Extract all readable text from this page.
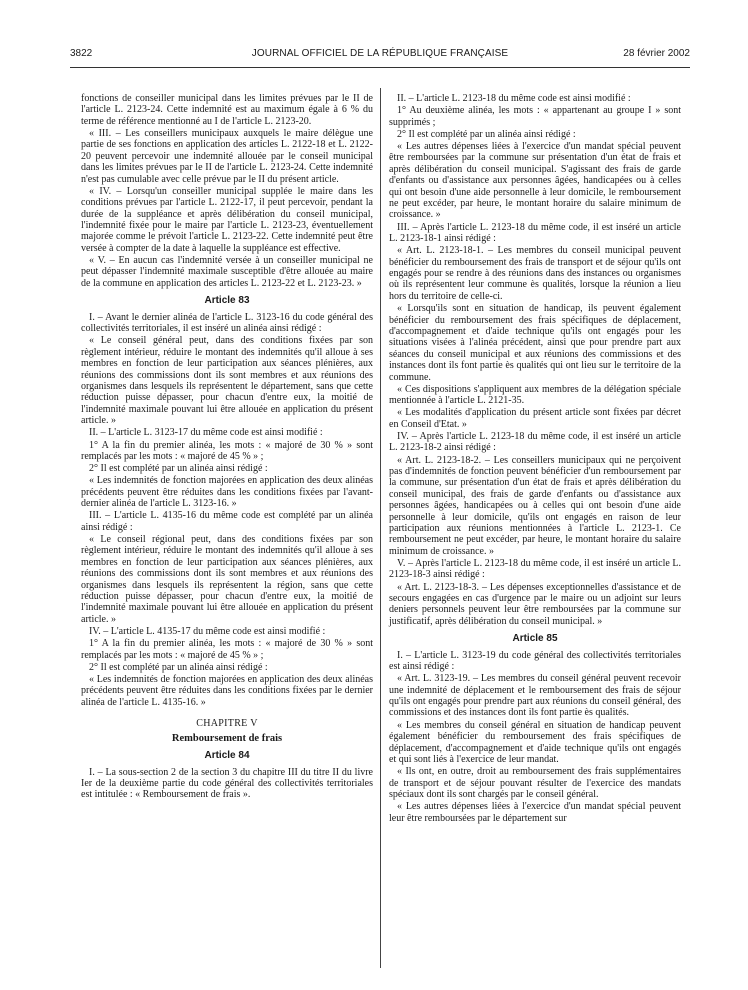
3822	JOURNAL OFFICIEL DE LA RÉPUBLIQUE FRANÇAISE	28 février 2002

fonctions de conseiller municipal dans les limites prévues par le II de l'article L. 2123-24. Cette indemnité est au maximum égale à 6 % du terme de référence mentionné au I de l'article L. 2123-20.

« III. – Les conseillers municipaux auxquels le maire délègue une partie de ses fonctions en application des articles L. 2122-18 et L. 2122-20 peuvent percevoir une indemnité allouée par le conseil municipal dans les limites prévues par le II de l'article L. 2123-24. Cette indemnité n'est pas cumulable avec celle prévue par le II du présent article.

« IV. – Lorsqu'un conseiller municipal supplée le maire dans les conditions prévues par l'article L. 2122-17, il peut percevoir, pendant la durée de la suppléance et après délibération du conseil municipal, l'indemnité fixée pour le maire par l'article L. 2123-23, éventuellement majorée comme le prévoit l'article L. 2123-22. Cette indemnité peut être versée à compter de la date à laquelle la suppléance est effective.

« V. – En aucun cas l'indemnité versée à un conseiller municipal ne peut dépasser l'indemnité maximale susceptible d'être allouée au maire de la commune en application des articles L. 2123-22 et L. 2123-23. »

Article 83

I. – Avant le dernier alinéa de l'article L. 3123-16 du code général des collectivités territoriales, il est inséré un alinéa ainsi rédigé :

« Le conseil général peut, dans des conditions fixées par son règlement intérieur, réduire le montant des indemnités qu'il alloue à ses membres en fonction de leur participation aux séances plénières, aux réunions des commissions dont ils sont membres et aux réunions des organismes dans lesquels ils représentent le département, sans que cette réduction puisse dépasser, pour chacun d'entre eux, la moitié de l'indemnité maximale pouvant lui être allouée en application du présent article. »

II. – L'article L. 3123-17 du même code est ainsi modifié :

1° A la fin du premier alinéa, les mots : « majoré de 30 % » sont remplacés par les mots : « majoré de 45 % » ;

2° Il est complété par un alinéa ainsi rédigé :

« Les indemnités de fonction majorées en application des deux alinéas précédents peuvent être réduites dans les conditions fixées par l'avant-dernier alinéa de l'article L. 3123-16. »

III. – L'article L. 4135-16 du même code est complété par un alinéa ainsi rédigé :

« Le conseil régional peut, dans des conditions fixées par son règlement intérieur, réduire le montant des indemnités qu'il alloue à ses membres en fonction de leur participation aux séances plénières, aux réunions des commissions dont ils sont membres et aux réunions des organismes dans lesquels ils représentent la région, sans que cette réduction puisse dépasser, pour chacun d'entre eux, la moitié de l'indemnité maximale pouvant lui être allouée en application du présent article. »

IV. – L'article L. 4135-17 du même code est ainsi modifié :

1° A la fin du premier alinéa, les mots : « majoré de 30 % » sont remplacés par les mots : « majoré de 45 % » ;

2° Il est complété par un alinéa ainsi rédigé :

« Les indemnités de fonction majorées en application des deux alinéas précédents peuvent être réduites dans les conditions fixées par le dernier alinéa de l'article L. 4135-16. »

CHAPITRE V
Remboursement de frais
Article 84

I. – La sous-section 2 de la section 3 du chapitre III du titre II du livre Ier de la deuxième partie du code général des collectivités territoriales est intitulée : « Remboursement de frais ».

II. – L'article L. 2123-18 du même code est ainsi modifié :

1° Au deuxième alinéa, les mots : « appartenant au groupe I » sont supprimés ;

2° Il est complété par un alinéa ainsi rédigé :

« Les autres dépenses liées à l'exercice d'un mandat spécial peuvent être remboursées par la commune sur présentation d'un état de frais et après délibération du conseil municipal. S'agissant des frais de garde d'enfants ou d'assistance aux personnes âgées, handicapées ou à celles qui ont besoin d'une aide personnelle à leur domicile, le remboursement ne peut excéder, par heure, le montant horaire du salaire minimum de croissance. »

III. – Après l'article L. 2123-18 du même code, il est inséré un article L. 2123-18-1 ainsi rédigé :

« Art. L. 2123-18-1. – Les membres du conseil municipal peuvent bénéficier du remboursement des frais de transport et de séjour qu'ils ont engagés pour se rendre à des réunions dans des instances ou organismes où ils représentent leur commune ès qualités, lorsque la réunion a lieu hors du territoire de celle-ci.

« Lorsqu'ils sont en situation de handicap, ils peuvent également bénéficier du remboursement des frais spécifiques de déplacement, d'accompagnement et d'aide technique qu'ils ont engagés pour les situations visées à l'alinéa précédent, ainsi que pour prendre part aux séances du conseil municipal et aux réunions des commissions et des instances dont ils font partie ès qualités qui ont lieu sur le territoire de la commune.

« Ces dispositions s'appliquent aux membres de la délégation spéciale mentionnée à l'article L. 2121-35.

« Les modalités d'application du présent article sont fixées par décret en Conseil d'Etat. »

IV. – Après l'article L. 2123-18 du même code, il est inséré un article L. 2123-18-2 ainsi rédigé :

« Art. L. 2123-18-2. – Les conseillers municipaux qui ne perçoivent pas d'indemnités de fonction peuvent bénéficier d'un remboursement par la commune, sur présentation d'un état de frais et après délibération du conseil municipal, des frais de garde d'enfants ou d'assistance aux personnes âgées, handicapées ou à celles qui ont besoin d'une aide personnelle à leur domicile, qu'ils ont engagés en raison de leur participation aux réunions mentionnées à l'article L. 2123-1. Ce remboursement ne peut excéder, par heure, le montant horaire du salaire minimum de croissance. »

V. – Après l'article L. 2123-18 du même code, il est inséré un article L. 2123-18-3 ainsi rédigé :

« Art. L. 2123-18-3. – Les dépenses exceptionnelles d'assistance et de secours engagées en cas d'urgence par le maire ou un adjoint sur leurs deniers personnels peuvent leur être remboursées par la commune sur justificatif, après délibération du conseil municipal. »

Article 85

I. – L'article L. 3123-19 du code général des collectivités territoriales est ainsi rédigé :

« Art. L. 3123-19. – Les membres du conseil général peuvent recevoir une indemnité de déplacement et le remboursement des frais de séjour qu'ils ont engagés pour prendre part aux réunions du conseil général, des commissions et des instances dont ils font partie ès qualités.

« Les membres du conseil général en situation de handicap peuvent également bénéficier du remboursement des frais spécifiques de déplacement, d'accompagnement et d'aide technique qu'ils ont engagés et qui sont liés à l'exercice de leur mandat.

« Ils ont, en outre, droit au remboursement des frais supplémentaires de transport et de séjour pouvant résulter de l'exercice des mandats spéciaux dont ils sont chargés par le conseil général.

« Les autres dépenses liées à l'exercice d'un mandat spécial peuvent leur être remboursées par le département sur
